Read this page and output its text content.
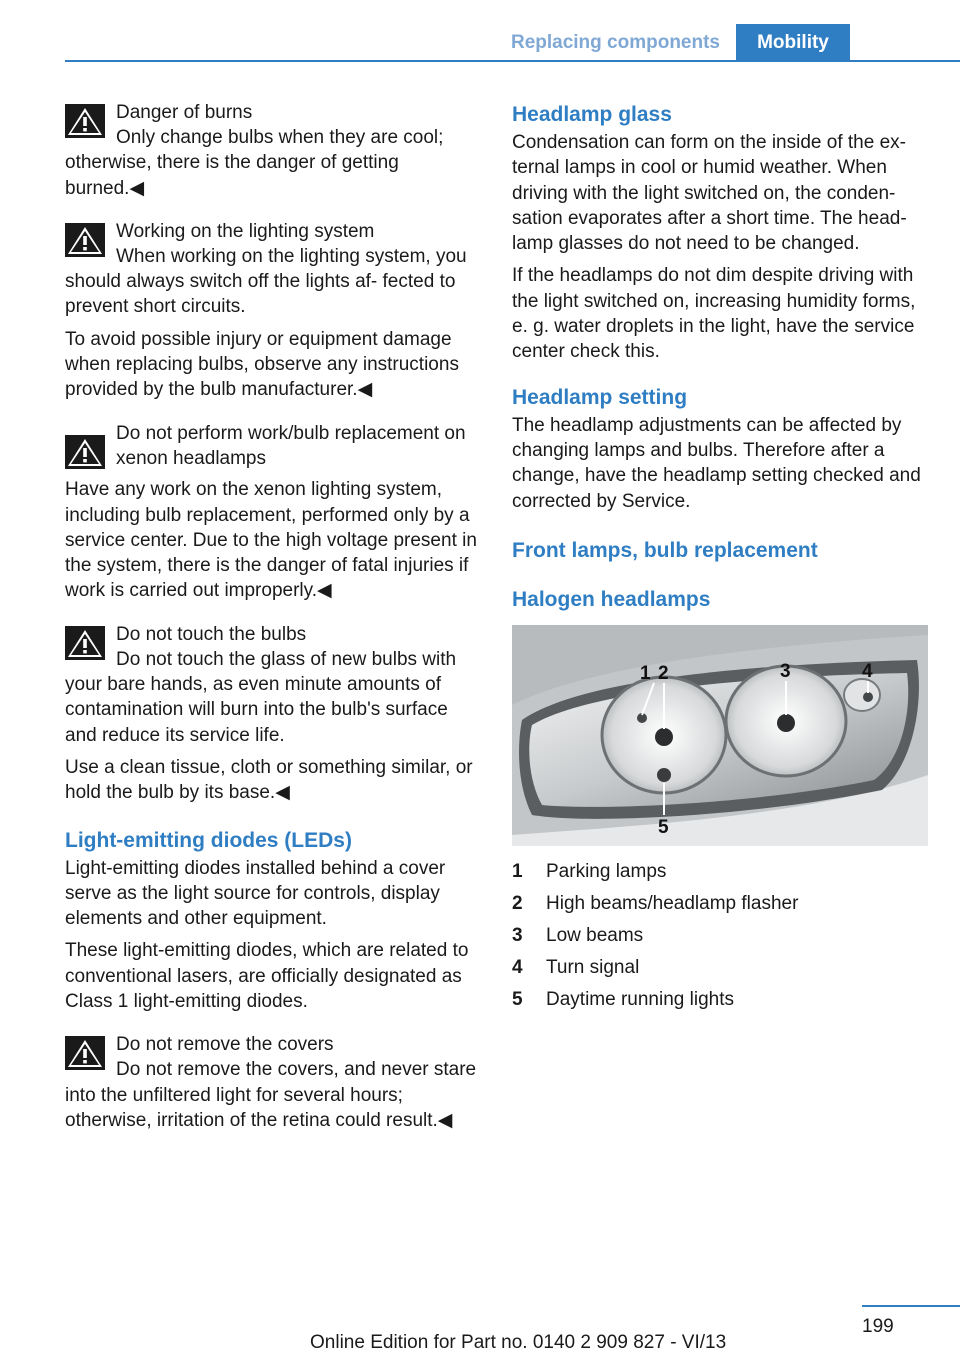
Replacing components	Mobility
Danger of burns

Only change bulbs when they are cool; otherwise, there is the danger of getting burned.◀

Working on the lighting system

When working on the lighting system, you should always switch off the lights af‐ fected to prevent short circuits.

To avoid possible injury or equipment damage when replacing bulbs, observe any instructions provided by the bulb manufacturer.◀

Do not perform work/bulb replacement on xenon headlamps

Have any work on the xenon lighting system, including bulb replacement, performed only by a service center. Due to the high voltage present in the system, there is the danger of fatal injuries if work is carried out improperly.◀

Do not touch the bulbs

Do not touch the glass of new bulbs with your bare hands, as even minute amounts of contamination will burn into the bulb's surface and reduce its service life.

Use a clean tissue, cloth or something similar, or hold the bulb by its base.◀

Light-emitting diodes (LEDs)

Light-emitting diodes installed behind a cover serve as the light source for controls, display elements and other equipment.

These light-emitting diodes, which are related to conventional lasers, are officially designated as Class 1 light-emitting diodes.

Do not remove the covers

Do not remove the covers, and never stare into the unfiltered light for several hours; otherwise, irritation of the retina could result.◀

Headlamp glass

Condensation can form on the inside of the ex‐ ternal lamps in cool or humid weather. When driving with the light switched on, the conden‐ sation evaporates after a short time. The head‐ lamp glasses do not need to be changed.

If the headlamps do not dim despite driving with the light switched on, increasing humidity forms, e. g. water droplets in the light, have the service center check this.

Headlamp setting

The headlamp adjustments can be affected by changing lamps and bulbs. Therefore after a change, have the headlamp setting checked and corrected by Service.

Front lamps, bulb replacement
Halogen headlamps
1 2	3	4
5
1	Parking lamps
2	High beams/headlamp flasher
3	Low beams
4	Turn signal
5	Daytime running lights
199
Online Edition for Part no. 0140 2 909 827 - VI/13
